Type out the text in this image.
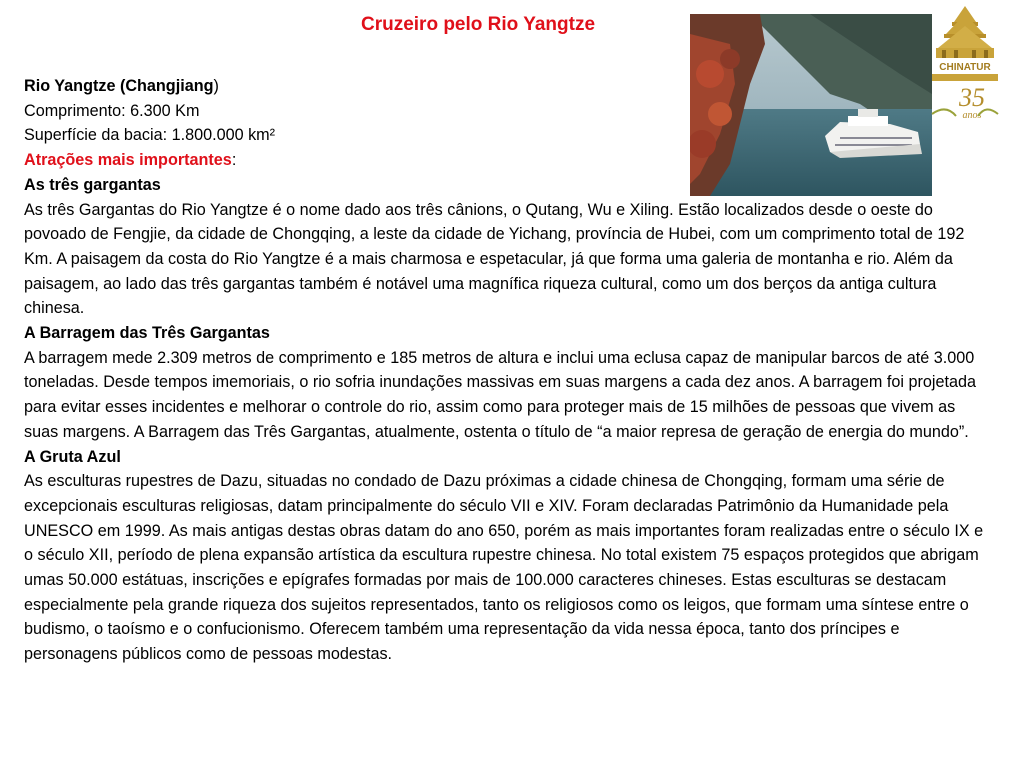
Cruzeiro pelo Rio Yangtze
CHINATUR
35
anos

Rio Yangtze (Changjiang)

Comprimento: 6.300 Km

Superfície da bacia: 1.800.000 km²

Atrações mais importantes:

As três gargantas

As três Gargantas do Rio Yangtze é o nome dado aos três cânions, o Qutang, Wu e Xiling. Estão localizados desde o oeste do povoado de Fengjie, da cidade de Chongqing, a leste da cidade de Yichang, província de Hubei, com um comprimento total de 192 Km. A paisagem da costa do Rio Yangtze é a mais charmosa e espetacular, já que forma uma galeria de montanha e rio. Além da paisagem, ao lado das três gargantas também é notável uma magnífica riqueza cultural, como um dos berços da antiga cultura chinesa.

A Barragem das Três Gargantas

A barragem mede 2.309 metros de comprimento e 185 metros de altura e inclui uma eclusa capaz de manipular barcos de até 3.000 toneladas. Desde tempos imemoriais, o rio sofria inundações massivas em suas margens a cada dez anos. A barragem foi projetada para evitar esses incidentes e melhorar o controle do rio, assim como para proteger mais de 15 milhões de pessoas que vivem as suas margens. A Barragem das Três Gargantas, atualmente, ostenta o título de “a maior represa de geração de energia do mundo”.

A Gruta Azul

As esculturas rupestres de Dazu, situadas no condado de Dazu próximas a cidade chinesa de Chongqing, formam uma série de excepcionais esculturas religiosas, datam principalmente do século VII e XIV. Foram declaradas Patrimônio da Humanidade pela UNESCO em 1999. As mais antigas destas obras datam do ano 650, porém as mais importantes foram realizadas entre o século IX e o século XII, período de plena expansão artística da escultura rupestre chinesa. No total existem 75 espaços protegidos que abrigam umas 50.000 estátuas, inscrições e epígrafes formadas por mais de 100.000 caracteres chineses. Estas esculturas se destacam especialmente pela grande riqueza dos sujeitos representados, tanto os religiosos como os leigos, que formam uma síntese entre o budismo, o taoísmo e o confucionismo. Oferecem também uma representação da vida nessa época, tanto dos príncipes e personagens públicos como de pessoas modestas.
